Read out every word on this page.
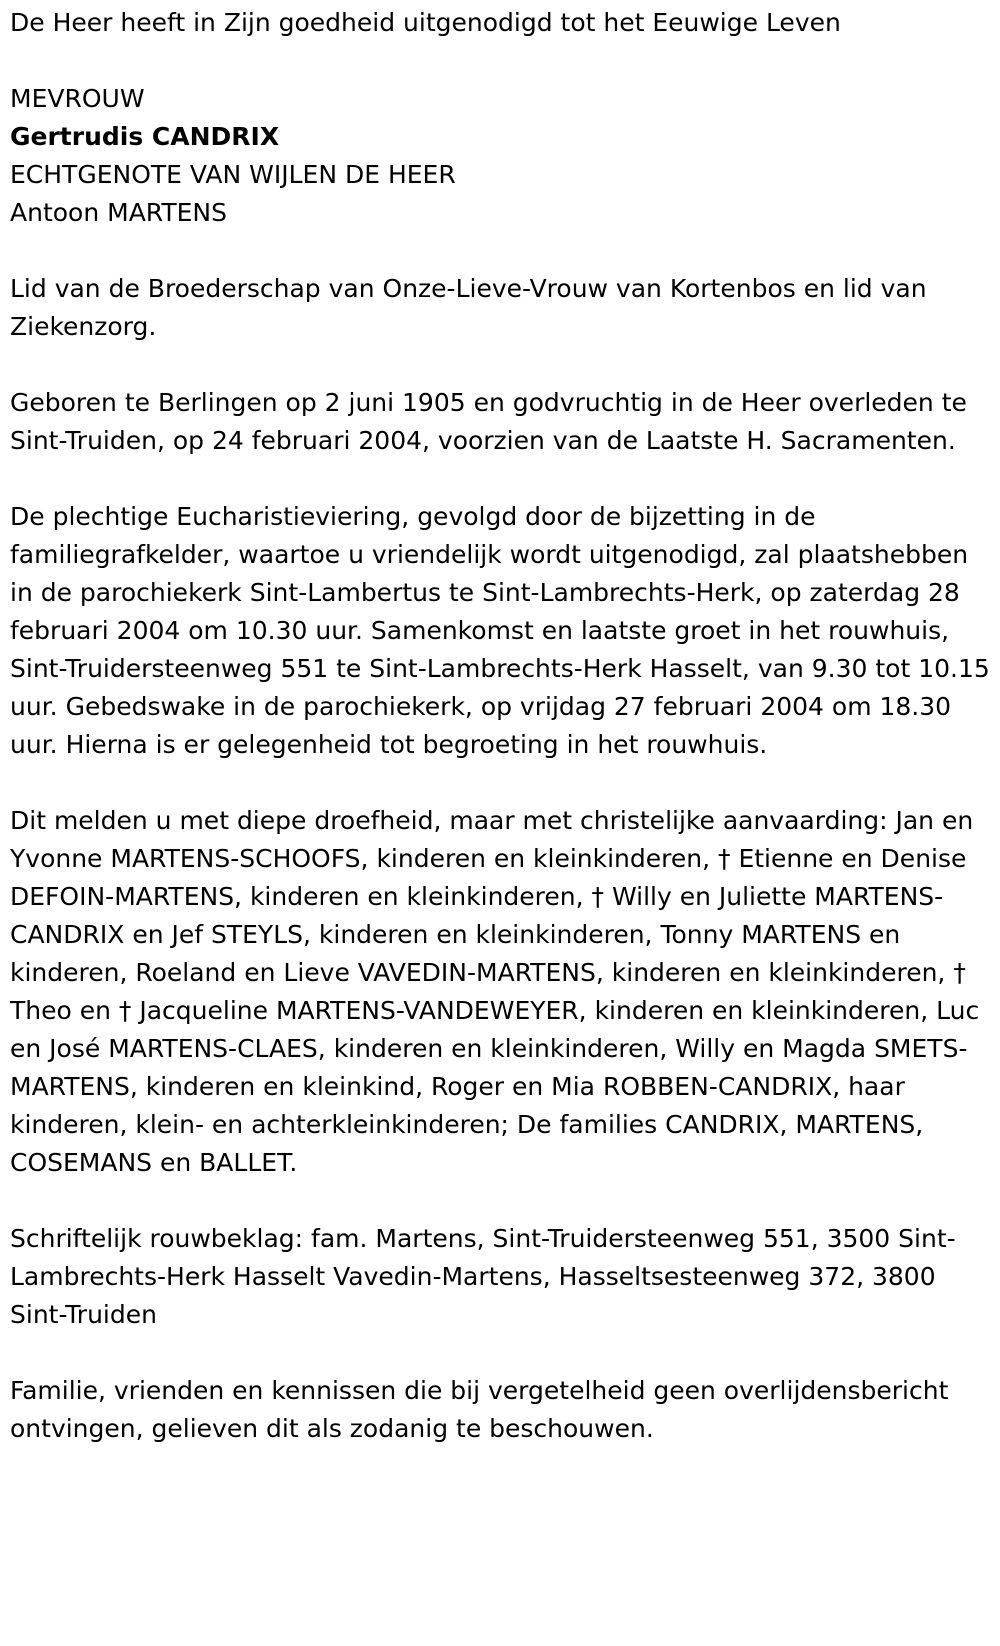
De Heer heeft in Zijn goedheid uitgenodigd tot het Eeuwige Leven
MEVROUW
Gertrudis CANDRIX
ECHTGENOTE VAN WIJLEN DE HEER
Antoon MARTENS
Lid van de Broederschap van Onze-Lieve-Vrouw van Kortenbos en lid van Ziekenzorg.
Geboren te Berlingen op 2 juni 1905 en godvruchtig in de Heer overleden te Sint-Truiden, op 24 februari 2004, voorzien van de Laatste H. Sacramenten.
De plechtige Eucharistieviering, gevolgd door de bijzetting in de familiegrafkelder, waartoe u vriendelijk wordt uitgenodigd, zal plaatshebben in de parochiekerk Sint-Lambertus te Sint-Lambrechts-Herk, op zaterdag 28 februari 2004 om 10.30 uur. Samenkomst en laatste groet in het rouwhuis, Sint-Truidersteenweg 551 te Sint-Lambrechts-Herk Hasselt, van 9.30 tot 10.15 uur. Gebedswake in de parochiekerk, op vrijdag 27 februari 2004 om 18.30 uur. Hierna is er gelegenheid tot begroeting in het rouwhuis.
Dit melden u met diepe droefheid, maar met christelijke aanvaarding: Jan en Yvonne MARTENS-SCHOOFS, kinderen en kleinkinderen, † Etienne en Denise DEFOIN-MARTENS, kinderen en kleinkinderen, † Willy en Juliette MARTENS-CANDRIX en Jef STEYLS, kinderen en kleinkinderen, Tonny MARTENS en kinderen, Roeland en Lieve VAVEDIN-MARTENS, kinderen en kleinkinderen, † Theo en † Jacqueline MARTENS-VANDEWEYER, kinderen en kleinkinderen, Luc en José MARTENS-CLAES, kinderen en kleinkinderen, Willy en Magda SMETS-MARTENS, kinderen en kleinkind, Roger en Mia ROBBEN-CANDRIX, haar kinderen, klein- en achterkleinkinderen; De families CANDRIX, MARTENS, COSEMANS en BALLET.
Schriftelijk rouwbeklag: fam. Martens, Sint-Truidersteenweg 551, 3500 Sint-Lambrechts-Herk Hasselt Vavedin-Martens, Hasseltsesteenweg 372, 3800 Sint-Truiden
Familie, vrienden en kennissen die bij vergetelheid geen overlijdensbericht ontvingen, gelieven dit als zodanig te beschouwen.
